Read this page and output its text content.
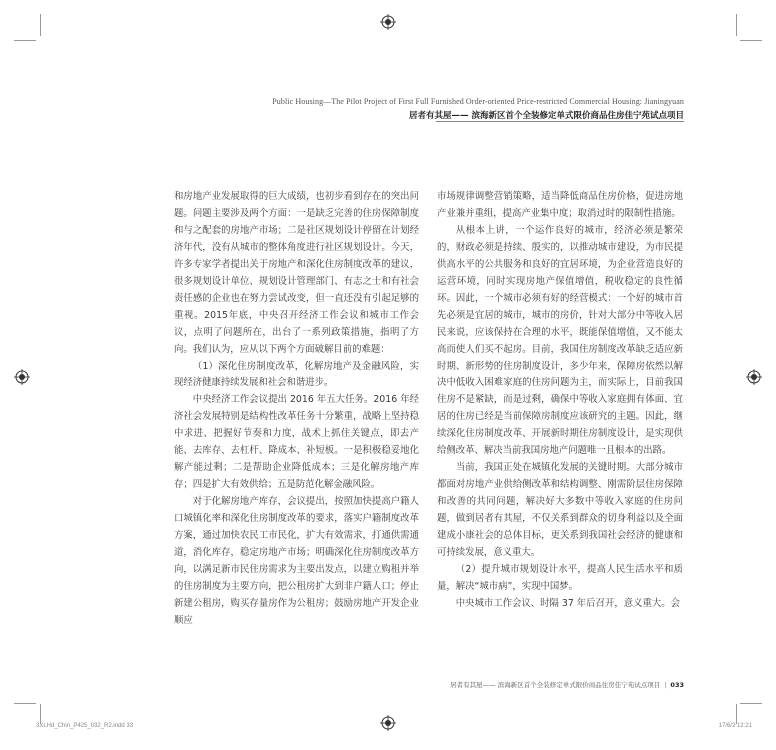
Public Housing—The Pilot Project of First Full Furnished Order-oriented Price-restricted Commercial Housing: Jianingyuan
居者有其屋—— 滨海新区首个全装修定单式限价商品住房佳宁苑试点项目

和房地产业发展取得的巨大成绩，也初步看到存在的突出问题。问题主要涉及两个方面：一是缺乏完善的住房保障制度和与之配套的房地产市场；二是社区规划设计停留在计划经济年代，没有从城市的整体角度进行社区规划设计。今天，许多专家学者提出关于房地产和深化住房制度改革的建议，很多规划设计单位、规划设计管理部门、有志之士和有社会责任感的企业也在努力尝试改变，但一直还没有引起足够的重视。2015年底，中央召开经济工作会议和城市工作会议，点明了问题所在，出台了一系列政策措施，指明了方向。我们认为，应从以下两个方面破解目前的难题：

（1）深化住房制度改革，化解房地产及金融风险，实现经济健康持续发展和社会和谐进步。

中央经济工作会议提出 2016 年五大任务。2016 年经济社会发展特别是结构性改革任务十分繁重，战略上坚持稳中求进、把握好节奏和力度，战术上抓住关键点，即去产能、去库存、去杠杆、降成本、补短板。一是积极稳妥地化解产能过剩；二是帮助企业降低成本；三是化解房地产库存；四是扩大有效供给；五是防范化解金融风险。

对于化解房地产库存，会议提出，按照加快提高户籍人口城镇化率和深化住房制度改革的要求，落实户籍制度改革方案，通过加快农民工市民化，扩大有效需求，打通供需通道，消化库存，稳定房地产市场；明确深化住房制度改革方向，以满足新市民住房需求为主要出发点，以建立购租并举的住房制度为主要方向，把公租房扩大到非户籍人口；停止新建公租房，购买存量房作为公租房；鼓励房地产开发企业顺应

市场规律调整营销策略，适当降低商品住房价格，促进房地产业兼并重组，提高产业集中度；取消过时的限制性措施。

从根本上讲，一个运作良好的城市，经济必须是繁荣的，财政必须是持续、殷实的，以推动城市建设，为市民提供高水平的公共服务和良好的宜居环境，为企业营造良好的运营环境，同时实现房地产保值增值，税收稳定的良性循环。因此，一个城市必须有好的经营模式：一个好的城市首先必须是宜居的城市，城市的房价，针对大部分中等收入居民来说，应该保持在合理的水平，既能保值增值，又不能太高而使人们买不起房。目前，我国住房制度改革缺乏适应新时期、新形势的住房制度设计，多少年来，保障房依然以解决中低收入困难家庭的住房问题为主，而实际上，目前我国住房不是紧缺，而是过剩，确保中等收入家庭拥有体面、宜居的住房已经是当前保障房制度应该研究的主题。因此，继续深化住房制度改革、开展新时期住房制度设计，是实现供给侧改革、解决当前我国房地产问题唯一且根本的出路。

当前，我国正处在城镇化发展的关键时期。大部分城市都面对房地产业供给侧改革和结构调整、刚需阶层住房保障和改善的共同问题，解决好大多数中等收入家庭的住房问题，做到居者有其屋，不仅关系到群众的切身利益以及全面建成小康社会的总体目标，更关系到我国社会经济的健康和可持续发展，意义重大。

（2）提升城市规划设计水平，提高人民生活水平和质量，解决“城市病”，实现中国梦。

中央城市工作会议、时隔 37 年后召开，意义重大。会

居者有其屋—— 滨海新区首个全装修定单式限价商品住房佳宁苑试点项目 | 033
3XLHd_Chin_P425_032_R2.indd 33	17/6/2 12:21
